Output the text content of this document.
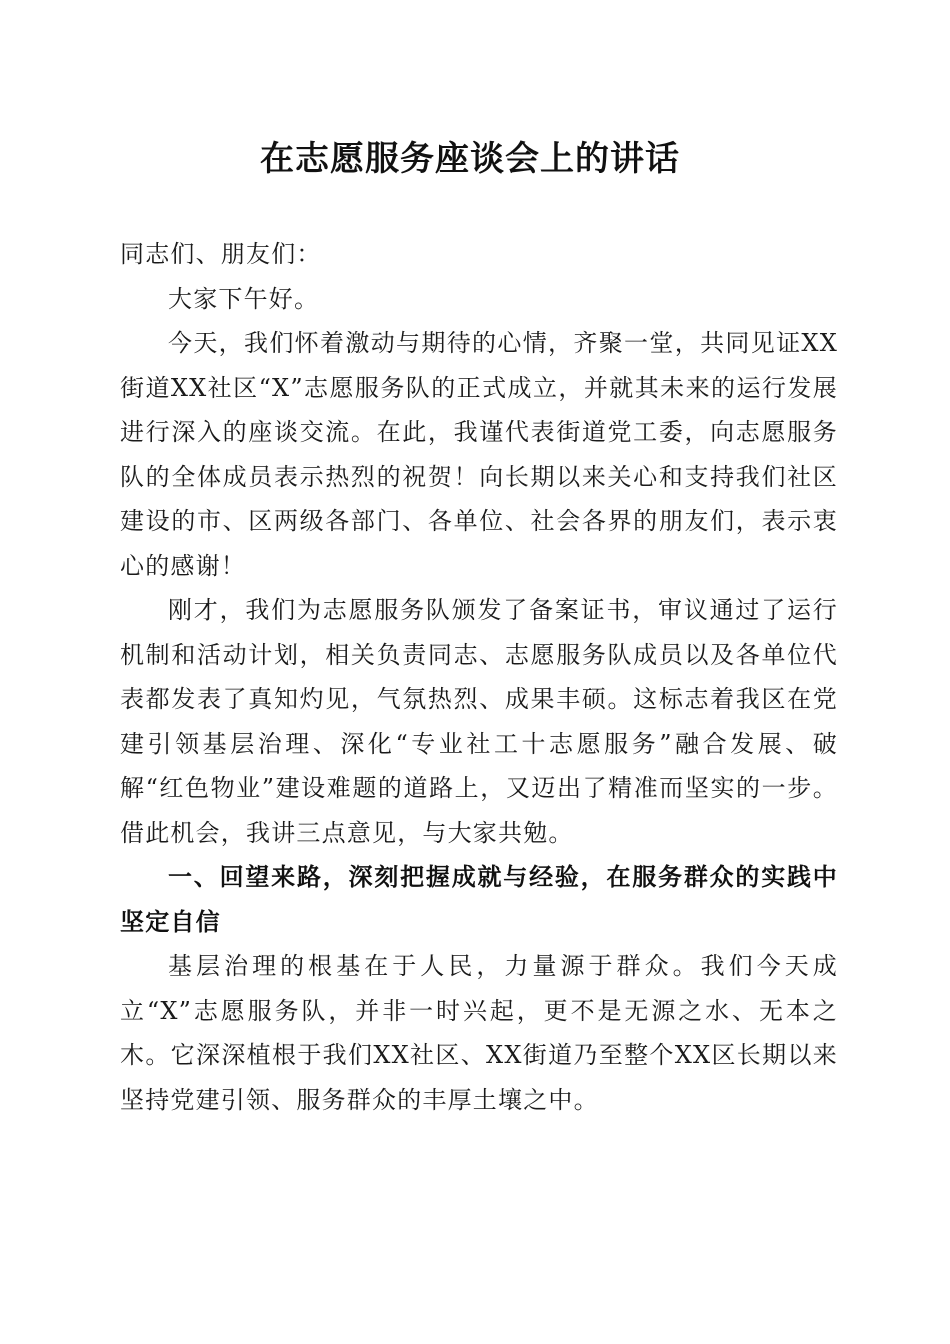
在志愿服务座谈会上的讲话

同志们、朋友们：

大家下午好。

今天，我们怀着激动与期待的心情，齐聚一堂，共同见证XX街道XX社区“X”志愿服务队的正式成立，并就其未来的运行发展进行深入的座谈交流。在此，我谨代表街道党工委，向志愿服务队的全体成员表示热烈的祝贺！向长期以来关心和支持我们社区建设的市、区两级各部门、各单位、社会各界的朋友们，表示衷心的感谢！

刚才，我们为志愿服务队颁发了备案证书，审议通过了运行机制和活动计划，相关负责同志、志愿服务队成员以及各单位代表都发表了真知灼见，气氛热烈、成果丰硕。这标志着我区在党建引领基层治理、深化“专业社工十志愿服务”融合发展、破解“红色物业”建设难题的道路上，又迈出了精准而坚实的一步。借此机会，我讲三点意见，与大家共勉。

一、回望来路，深刻把握成就与经验，在服务群众的实践中坚定自信

基层治理的根基在于人民，力量源于群众。我们今天成立“X”志愿服务队，并非一时兴起，更不是无源之水、无本之木。它深深植根于我们XX社区、XX街道乃至整个XX区长期以来坚持党建引领、服务群众的丰厚土壤之中。
